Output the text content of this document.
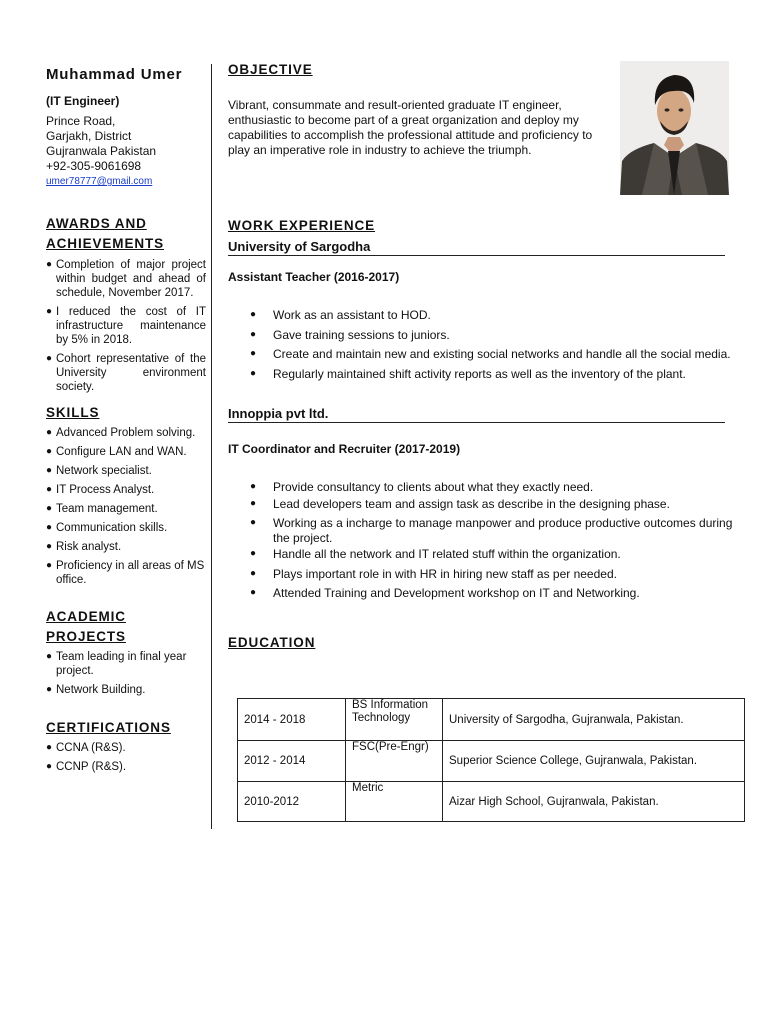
Muhammad Umer
(IT Engineer)
Prince Road,
Garjakh, District
Gujranwala Pakistan
+92-305-9061698
umer78777@gmail.com
AWARDS AND
ACHIEVEMENTS
● Completion of major project within budget and ahead of schedule, November 2017.
● I reduced the cost of IT infrastructure maintenance by 5% in 2018.
● Cohort representative of the University environment society.
SKILLS
● Advanced Problem solving.
● Configure LAN and WAN.
● Network specialist.
● IT Process Analyst.
● Team management.
● Communication skills.
● Risk analyst.
● Proficiency in all areas of MS office.
ACADEMIC
PROJECTS
● Team leading in final year project.
● Network Building.
CERTIFICATIONS
● CCNA (R&S).
● CCNP (R&S).
OBJECTIVE
Vibrant, consummate and result-oriented graduate IT engineer, enthusiastic to become part of a great organization and deploy my capabilities to accomplish the professional attitude and proficiency to play an imperative role in industry to achieve the triumph.
WORK EXPERIENCE
University of Sargodha
Assistant Teacher (2016-2017)
● Work as an assistant to HOD.
● Gave training sessions to juniors.
● Create and maintain new and existing social networks and handle all the social media.
● Regularly maintained shift activity reports as well as the inventory of the plant.
Innoppia pvt ltd.
IT Coordinator and Recruiter (2017-2019)
● Provide consultancy to clients about what they exactly need.
● Lead developers team and assign task as describe in the designing phase.
● Working as a incharge to manage manpower and produce productive outcomes during the project.
● Handle all the network and IT related stuff within the organization.
● Plays important role in with HR in hiring new staff as per needed.
● Attended Training and Development workshop on IT and Networking.
EDUCATION
2014 - 2018	BS Information Technology	University of Sargodha, Gujranwala, Pakistan.
2012 - 2014	FSC(Pre-Engr)	Superior Science College, Gujranwala, Pakistan.
2010-2012	Metric	Aizar High School, Gujranwala, Pakistan.
